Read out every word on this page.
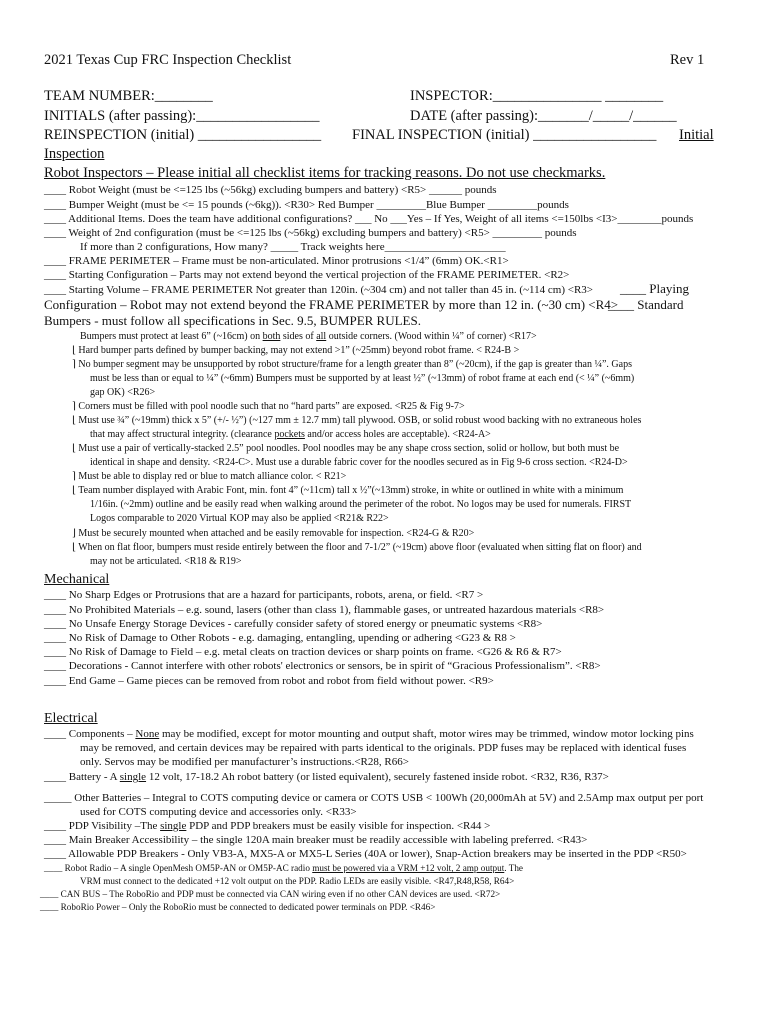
2021 Texas Cup FRC Inspection Checklist	Rev 1
TEAM NUMBER:________	INSPECTOR:_______________ ________
INITIALS (after passing):_________________	DATE (after passing):_______/_____/______
REINSPECTION (initial) _________________ FINAL INSPECTION (initial) _________________ Initial
Inspection
Robot Inspectors – Please initial all checklist items for tracking reasons. Do not use checkmarks.
____ Robot Weight (must be <=125 lbs (~56kg) excluding bumpers and battery) <R5> ______ pounds
____ Bumper Weight (must be <= 15 pounds (~6kg)). <R30> Red Bumper _________Blue Bumper _________pounds
____ Additional Items. Does the team have additional configurations? ___ No ___Yes – If Yes, Weight of all items <=150lbs <I3>________pounds
____ Weight of 2nd configuration (must be <=125 lbs (~56kg) excluding bumpers and battery) <R5> _________ pounds
If more than 2 configurations, How many? _____ Track weights here______________________
____ FRAME PERIMETER – Frame must be non-articulated. Minor protrusions <1/4” (6mm) OK.<R1>
____ Starting Configuration – Parts may not extend beyond the vertical projection of the FRAME PERIMETER. <R2>
____ Starting Volume – FRAME PERIMETER Not greater than 120in. (~304 cm) and not taller than 45 in. (~114 cm) <R3> ____ Playing
Configuration – Robot may not extend beyond the FRAME PERIMETER by more than 12 in. (~30 cm) <R4>
____ Standard
Bumpers - must follow all specifications in Sec. 9.5, BUMPER RULES.
Bumpers must protect at least 6” (~16cm) on both sides of all outside corners. (Wood within ¼” of corner) <R17>
⌊ Hard bumper parts defined by bumper backing, may not extend >1” (~25mm) beyond robot frame. < R24-B >
⌉ No bumper segment may be unsupported by robot structure/frame for a length greater than 8” (~20cm), if the gap is greater than ¼”. Gaps
must be less than or equal to ¼” (~6mm) Bumpers must be supported by at least ½” (~13mm) of robot frame at each end (< ¼” (~6mm)
gap OK) <R26>
⌉ Corners must be filled with pool noodle such that no “hard parts” are exposed. <R25 & Fig 9-7>
⌊ Must use ¾” (~19mm) thick x 5” (+/- ½”) (~127 mm ± 12.7 mm) tall plywood. OSB, or solid robust wood backing with no extraneous holes
that may affect structural integrity. (clearance pockets and/or access holes are acceptable). <R24-A>
⌊ Must use a pair of vertically-stacked 2.5” pool noodles. Pool noodles may be any shape cross section, solid or hollow, but both must be
identical in shape and density. <R24-C>. Must use a durable fabric cover for the noodles secured as in Fig 9-6 cross section. <R24-D>
⌉ Must be able to display red or blue to match alliance color. < R21>
⌊ Team number displayed with Arabic Font, min. font 4” (~11cm) tall x ½”(~13mm) stroke, in white or outlined in white with a minimum
1/16in. (~2mm) outline and be easily read when walking around the perimeter of the robot. No logos may be used for numerals. FIRST
Logos comparable to 2020 Virtual KOP may also be applied <R21& R22>
⌋ Must be securely mounted when attached and be easily removable for inspection. <R24-G & R20>
⌊ When on flat floor, bumpers must reside entirely between the floor and 7-1/2” (~19cm) above floor (evaluated when sitting flat on floor) and
may not be articulated. <R18 & R19>
Mechanical
____ No Sharp Edges or Protrusions that are a hazard for participants, robots, arena, or field. <R7 >
____ No Prohibited Materials – e.g. sound, lasers (other than class 1), flammable gases, or untreated hazardous materials <R8>
____ No Unsafe Energy Storage Devices - carefully consider safety of stored energy or pneumatic systems <R8>
____ No Risk of Damage to Other Robots - e.g. damaging, entangling, upending or adhering <G23 & R8 >
____ No Risk of Damage to Field – e.g. metal cleats on traction devices or sharp points on frame. <G26 & R6 & R7>
____ Decorations - Cannot interfere with other robots' electronics or sensors, be in spirit of “Gracious Professionalism”. <R8>
____ End Game – Game pieces can be removed from robot and robot from field without power. <R9>
Electrical
____ Components – None may be modified, except for motor mounting and output shaft, motor wires may be trimmed, window motor locking pins
may be removed, and certain devices may be repaired with parts identical to the originals. PDP fuses may be replaced with identical fuses
only. Servos may be modified per manufacturer’s instructions.<R28, R66>
____ Battery - A single 12 volt, 17-18.2 Ah robot battery (or listed equivalent), securely fastened inside robot. <R32, R36, R37>
_____ Other Batteries – Integral to COTS computing device or camera or COTS USB < 100Wh (20,000mAh at 5V) and 2.5Amp max output per port
used for COTS computing device and accessories only. <R33>
____ PDP Visibility –The single PDP and PDP breakers must be easily visible for inspection. <R44 >
____ Main Breaker Accessibility – the single 120A main breaker must be readily accessible with labeling preferred. <R43>
____ Allowable PDP Breakers - Only VB3-A, MX5-A or MX5-L Series (40A or lower), Snap-Action breakers may be inserted in the PDP <R50>
____ Robot Radio – A single OpenMesh OM5P-AN or OM5P-AC radio must be powered via a VRM +12 volt, 2 amp output. The
VRM must connect to the dedicated +12 volt output on the PDP. Radio LEDs are easily visible. <R47,R48,R58, R64>
____ CAN BUS – The RoboRio and PDP must be connected via CAN wiring even if no other CAN devices are used. <R72>
____ RoboRio Power – Only the RoboRio must be connected to dedicated power terminals on PDP. <R46>
